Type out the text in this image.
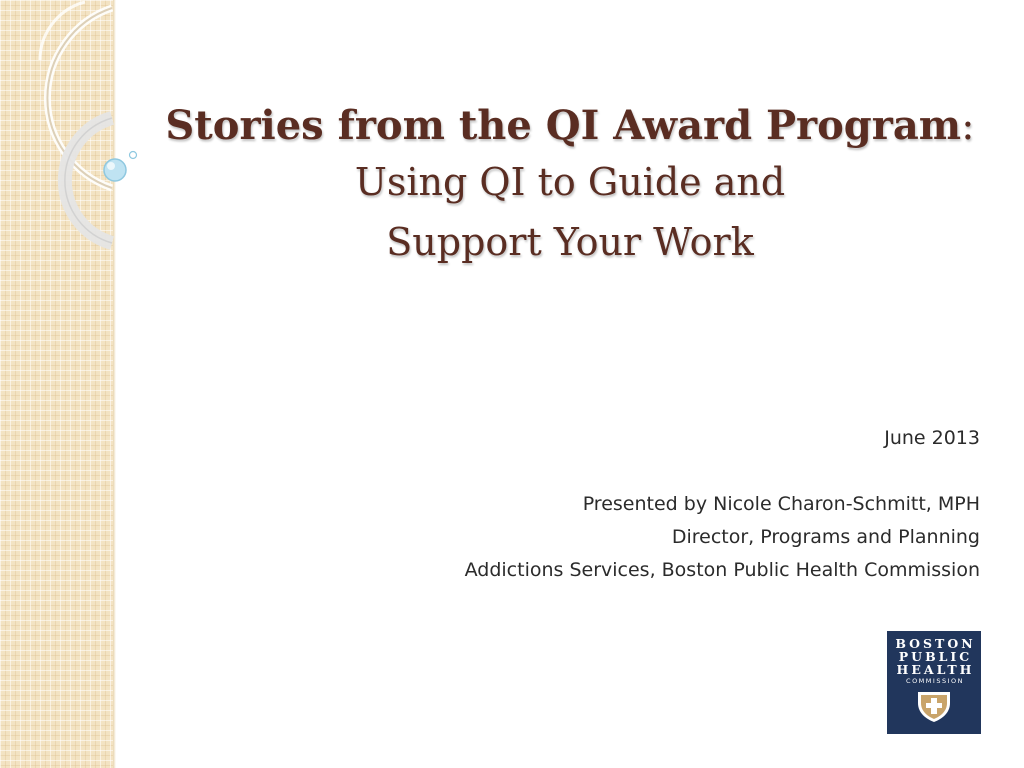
Stories from the QI Award Program:

Using QI to Guide and

Support Your Work

June 2013
Presented by Nicole Charon-Schmitt, MPH
Director, Programs and Planning
Addictions Services, Boston Public Health Commission
BOSTON
PUBLIC
HEALTH
COMMISSION
